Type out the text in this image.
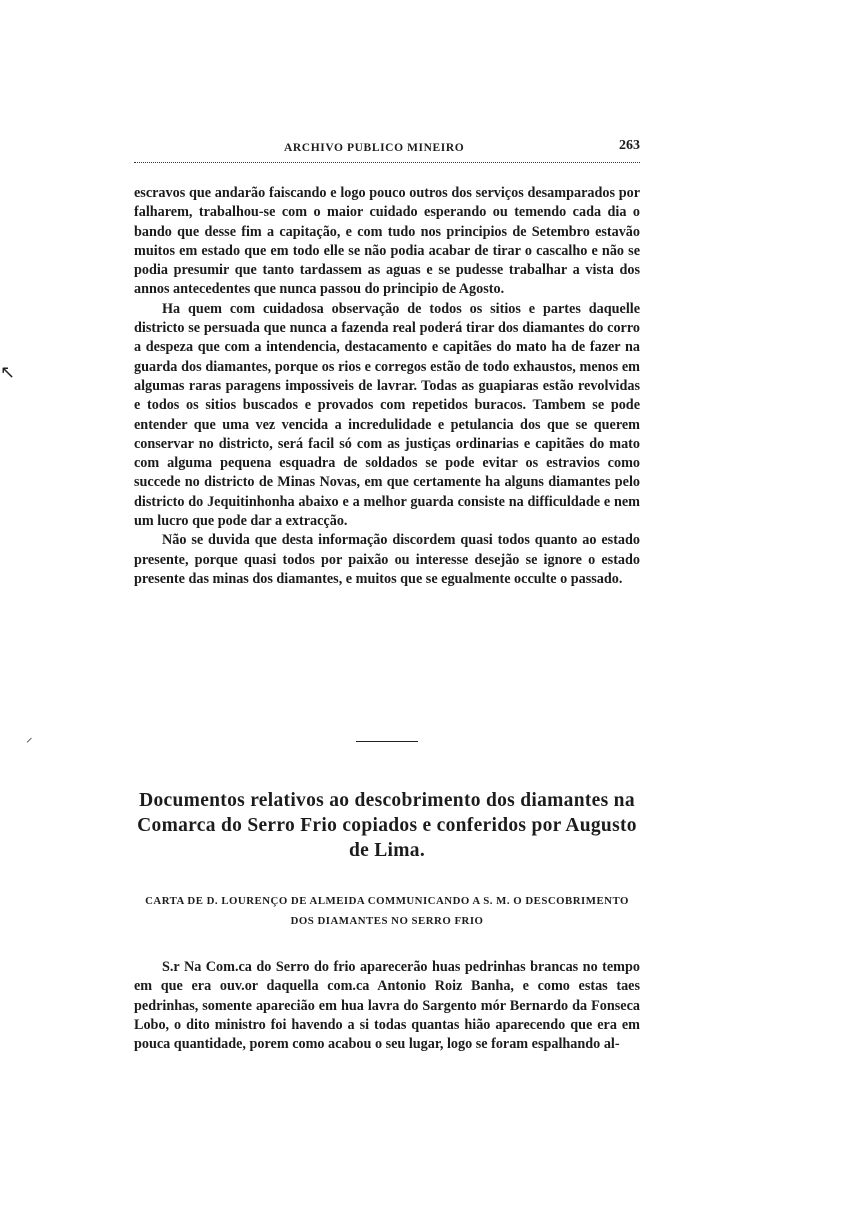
ARCHIVO PUBLICO MINEIRO	263

escravos que andarão faiscando e logo pouco outros dos serviços desamparados por falharem, trabalhou-se com o maior cuidado esperando ou temendo cada dia o bando que desse fim a capitação, e com tudo nos principios de Setembro estavão muitos em estado que em todo elle se não podia acabar de tirar o cascalho e não se podia presumir que tanto tardassem as aguas e se pudesse trabalhar a vista dos annos antecedentes que nunca passou do principio de Agosto.

Ha quem com cuidadosa observação de todos os sitios e partes daquelle districto se persuada que nunca a fazenda real poderá tirar dos diamantes do corro a despeza que com a intendencia, destacamento e capitães do mato ha de fazer na guarda dos diamantes, porque os rios e corregos estão de todo exhaustos, menos em algumas raras paragens impossiveis de lavrar. Todas as guapiaras estão revolvidas e todos os sitios buscados e provados com repetidos buracos. Tambem se pode entender que uma vez vencida a incredulidade e petulancia dos que se querem conservar no districto, será facil só com as justiças ordinarias e capitães do mato com alguma pequena esquadra de soldados se pode evitar os estravios como succede no districto de Minas Novas, em que certamente ha alguns diamantes pelo districto do Jequitinhonha abaixo e a melhor guarda consiste na difficuldade e nem um lucro que pode dar a extracção.

Não se duvida que desta informação discordem quasi todos quanto ao estado presente, porque quasi todos por paixão ou interesse desejão se ignore o estado presente das minas dos diamantes, e muitos que se egualmente occulte o passado.

Documentos relativos ao descobrimento dos diamantes na Comarca do Serro Frio copiados e conferidos por Augusto de Lima.
CARTA DE D. LOURENÇO DE ALMEIDA COMMUNICANDO A S. M. O DESCOBRIMENTO DOS DIAMANTES NO SERRO FRIO

S.r Na Com.ca do Serro do frio aparecerão huas pedrinhas brancas no tempo em que era ouv.or daquella com.ca Antonio Roiz Banha, e como estas taes pedrinhas, somente aparecião em hua lavra do Sargento mór Bernardo da Fonseca Lobo, o dito ministro foi havendo a si todas quantas hião aparecendo que era em pouca quantidade, porem como acabou o seu lugar, logo se foram espalhando al-

↖
⸍
